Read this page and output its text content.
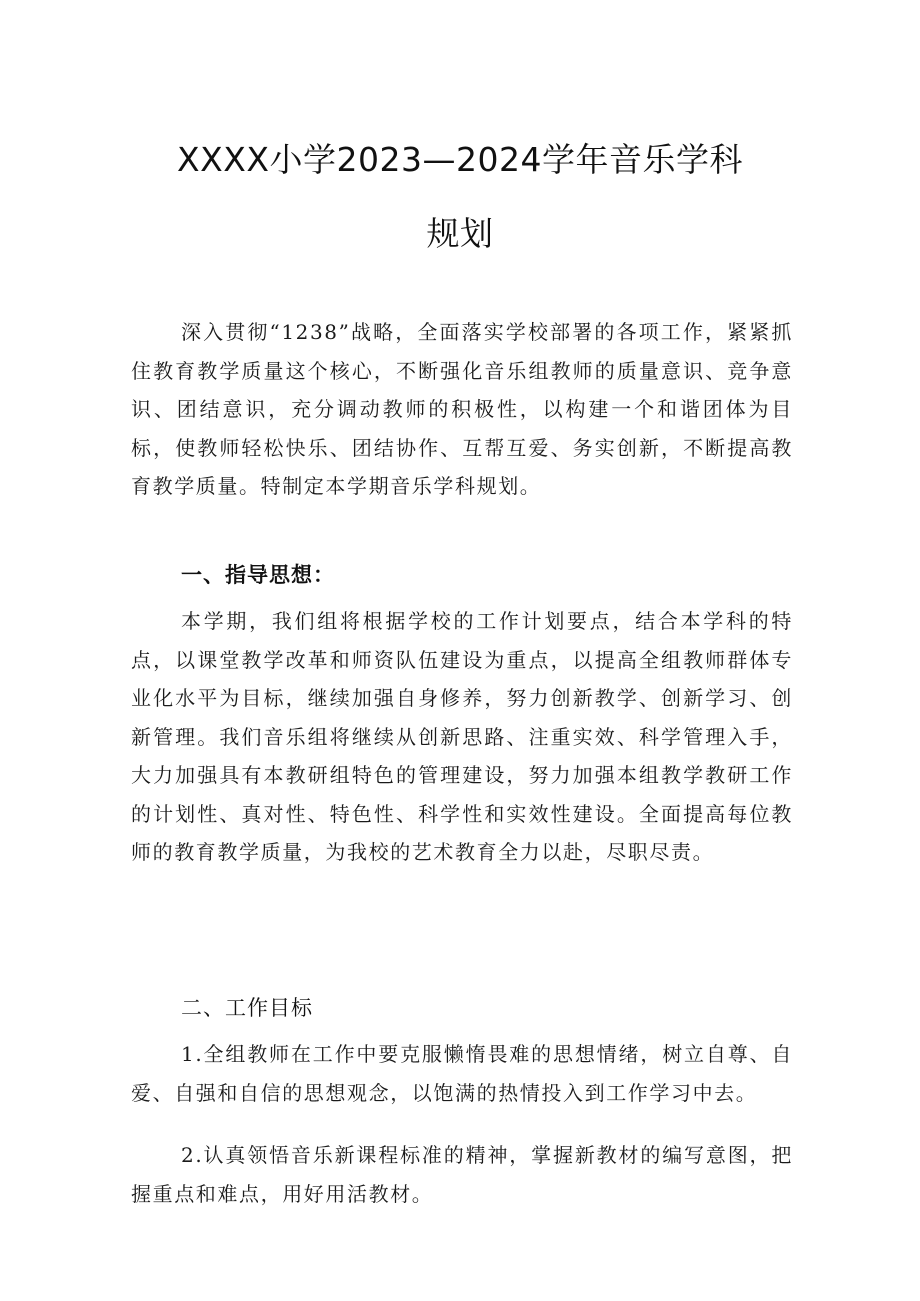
XXXX小学2023—2024学年音乐学科
规划

深入贯彻“1238”战略，全面落实学校部署的各项工作，紧紧抓住教育教学质量这个核心，不断强化音乐组教师的质量意识、竞争意识、团结意识，充分调动教师的积极性，以构建一个和谐团体为目标，使教师轻松快乐、团结协作、互帮互爱、务实创新，不断提高教育教学质量。特制定本学期音乐学科规划。

一、指导思想：

本学期，我们组将根据学校的工作计划要点，结合本学科的特点，以课堂教学改革和师资队伍建设为重点，以提高全组教师群体专业化水平为目标，继续加强自身修养，努力创新教学、创新学习、创新管理。我们音乐组将继续从创新思路、注重实效、科学管理入手，大力加强具有本教研组特色的管理建设，努力加强本组教学教研工作的计划性、真对性、特色性、科学性和实效性建设。全面提高每位教师的教育教学质量，为我校的艺术教育全力以赴，尽职尽责。

二、工作目标

1.全组教师在工作中要克服懒惰畏难的思想情绪，树立自尊、自爱、自强和自信的思想观念，以饱满的热情投入到工作学习中去。

2.认真领悟音乐新课程标准的精神，掌握新教材的编写意图，把握重点和难点，用好用活教材。
